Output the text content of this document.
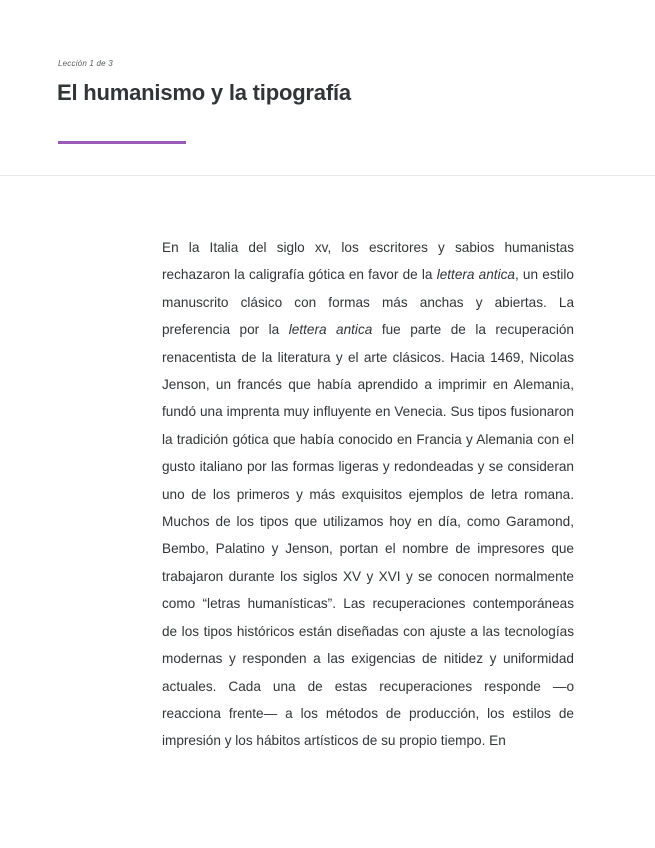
Lección 1 de 3
El humanismo y la tipografía

En la Italia del siglo xv, los escritores y sabios humanistas rechazaron la caligrafía gótica en favor de la lettera antica, un estilo manuscrito clásico con formas más anchas y abiertas. La preferencia por la lettera antica fue parte de la recuperación renacentista de la literatura y el arte clásicos. Hacia 1469, Nicolas Jenson, un francés que había aprendido a imprimir en Alemania, fundó una imprenta muy influyente en Venecia. Sus tipos fusionaron la tradición gótica que había conocido en Francia y Alemania con el gusto italiano por las formas ligeras y redondeadas y se consideran uno de los primeros y más exquisitos ejemplos de letra romana. Muchos de los tipos que utilizamos hoy en día, como Garamond, Bembo, Palatino y Jenson, portan el nombre de impresores que trabajaron durante los siglos XV y XVI y se conocen normalmente como “letras humanísticas”. Las recuperaciones contemporáneas de los tipos históricos están diseñadas con ajuste a las tecnologías modernas y responden a las exigencias de nitidez y uniformidad actuales. Cada una de estas recuperaciones responde —o reacciona frente— a los métodos de producción, los estilos de impresión y los hábitos artísticos de su propio tiempo. En
